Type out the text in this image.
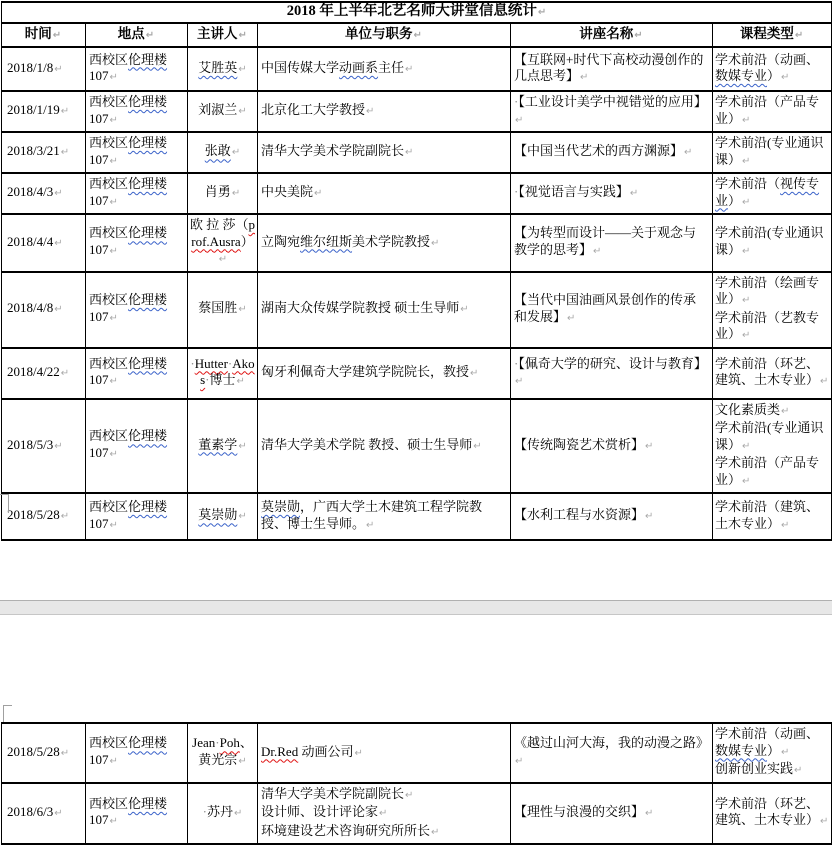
2018 年上半年北艺名师大讲堂信息统计↵					
时间↵	地点↵	主讲人↵	单位与职务↵	讲座名称↵	课程类型↵

2018/1/8↵	西校区伦理楼107↵	艾胜英↵	中国传媒大学动画系主任↵	【互联网+时代下高校动漫创作的几点思考】↵	学术前沿（动画、数媒专业）↵

2018/1/19↵	西校区伦理楼107↵	刘淑兰↵	北京化工大学教授↵	·【工业设计美学中视错觉的应用】↵	学术前沿（产品专业）↵

2018/3/21↵	西校区伦理楼107↵	张敢↵	清华大学美术学院副院长↵	【中国当代艺术的西方渊源】↵	学术前沿(专业通识课）↵

2018/4/3↵	西校区伦理楼107↵	肖勇↵	中央美院↵	·【视觉语言与实践】↵	学术前沿（视传专业）↵

2018/4/4↵	西校区伦理楼107↵	欧 拉 莎（prof.Ausra）↵	立陶宛维尔纽斯美术学院教授↵	【为转型而设计——关于观念与教学的思考】↵	学术前沿(专业通识课）↵

2018/4/8↵	西校区伦理楼107↵	蔡国胜↵	湖南大众传媒学院教授 硕士生导师↵	【当代中国油画风景创作的传承和发展】↵	学术前沿（绘画专业）↵
学术前沿（艺教专业）↵

2018/4/22↵	西校区伦理楼107↵	·Hutter·Akos·博士↵	匈牙利佩奇大学建筑学院院长，教授↵	·【佩奇大学的研究、设计与教育】↵	学术前沿（环艺、建筑、土木专业）↵

2018/5/3↵	西校区伦理楼107↵	董素学↵	清华大学美术学院 教授、硕士生导师↵	【传统陶瓷艺术赏析】↵	文化素质类↵
学术前沿(专业通识课）↵
学术前沿（产品专业）↵

2018/5/28↵	西校区伦理楼107↵	莫崇勋↵	莫崇勋，广西大学土木建筑工程学院教授、博士生导师。↵	【水利工程与水资源】↵	学术前沿（建筑、土木专业）↵
2018/5/28↵	西校区伦理楼107↵	Jean·Poh、黄光宗↵	Dr.Red 动画公司↵	《越过山河大海，我的动漫之路》↵	学术前沿（动画、数媒专业）↵
创新创业实践↵

2018/6/3↵	西校区伦理楼107↵	·苏丹↵	清华大学美术学院副院长↵
设计师、设计评论家↵
环境建设艺术咨询研究所所长↵	【理性与浪漫的交织】↵	学术前沿（环艺、建筑、土木专业）↵
